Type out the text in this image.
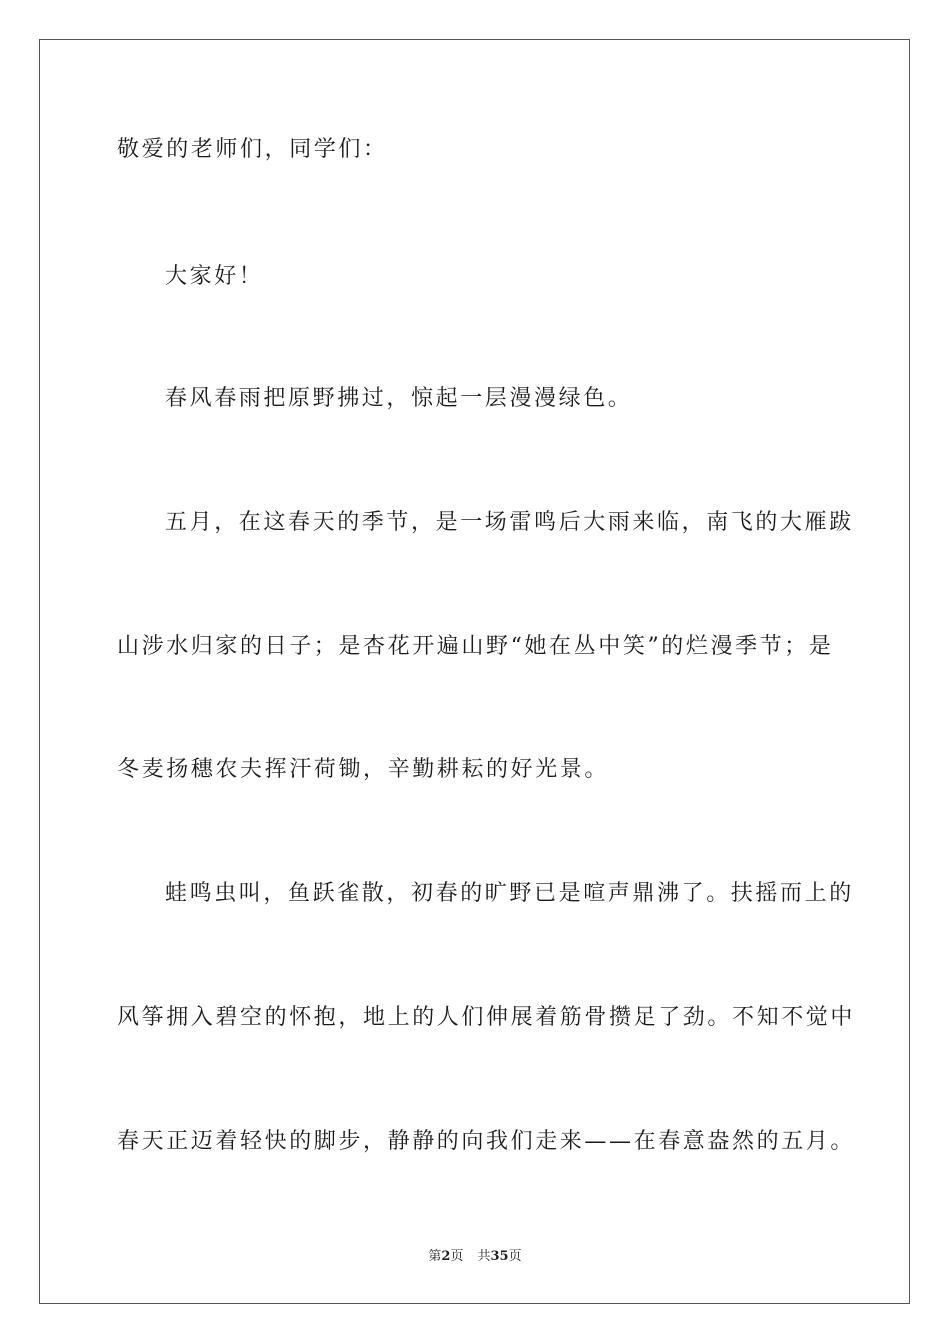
敬爱的老师们，同学们：
大家好！
春风春雨把原野拂过，惊起一层漫漫绿色。
五月，在这春天的季节，是一场雷鸣后大雨来临，南飞的大雁跋
山涉水归家的日子；是杏花开遍山野“她在丛中笑”的烂漫季节；是
冬麦扬穗农夫挥汗荷锄，辛勤耕耘的好光景。
蛙鸣虫叫，鱼跃雀散，初春的旷野已是喧声鼎沸了。扶摇而上的
风筝拥入碧空的怀抱，地上的人们伸展着筋骨攒足了劲。不知不觉中
春天正迈着轻快的脚步，静静的向我们走来——在春意盎然的五月。
第2页 共35页
